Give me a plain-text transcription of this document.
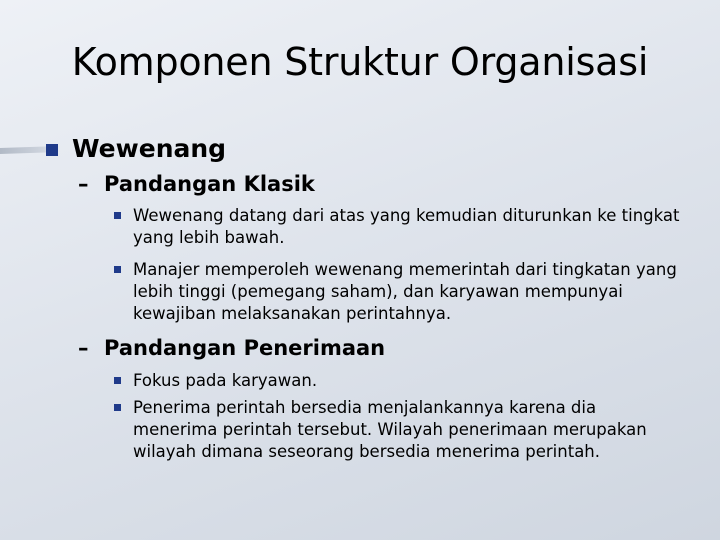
Komponen Struktur Organisasi
Wewenang
– Pandangan Klasik
Wewenang datang dari atas yang kemudian diturunkan ke tingkat yang lebih bawah.
Manajer memperoleh wewenang memerintah dari tingkatan yang lebih tinggi (pemegang saham), dan karyawan mempunyai kewajiban melaksanakan perintahnya.
– Pandangan Penerimaan
Fokus pada karyawan.
Penerima perintah bersedia menjalankannya karena dia menerima perintah tersebut. Wilayah penerimaan merupakan wilayah dimana seseorang bersedia menerima perintah.
